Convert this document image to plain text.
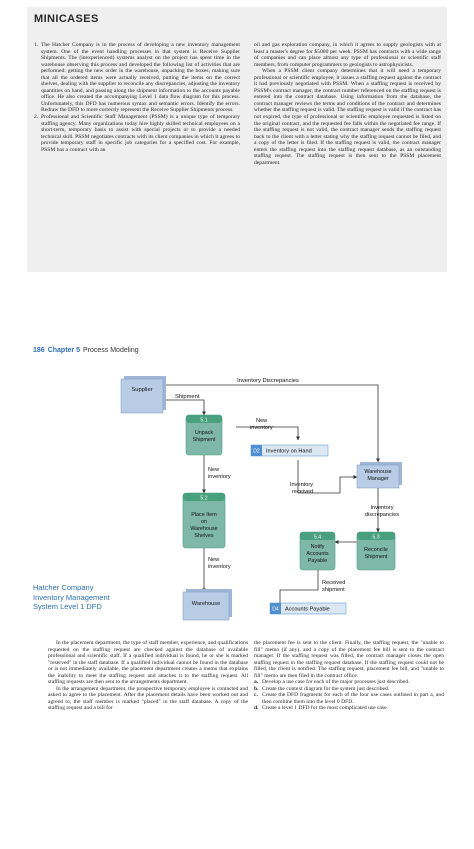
MINICASES

1. The Hatcher Company is in the process of developing a new inventory management system. One of the event handling processes in that system is Receive Supplier Shipments. The (inexperienced) systems analyst on the project has spent time in the warehouse observing this process and developed the following list of activities that are performed: getting the new order in the warehouse, unpacking the boxes, making sure that all the ordered items were actually received, putting the items on the correct shelves, dealing with the supplier to reconcile any discrepancies, adjusting the inventory quantities on hand, and passing along the shipment information to the accounts payable office. He also created the accompanying Level 1 data flow diagram for this process. Unfortunately, this DFD has numerous syntax and semantic errors. Identify the errors. Redraw the DFD to more correctly represent the Receive Supplier Shipments process.

2. Professional and Scientific Staff Management (PSSM) is a unique type of temporary staffing agency. Many organizations today hire highly skilled technical employees on a short-term, temporary basis to assist with special projects or to provide a needed technical skill. PSSM negotiates contracts with its client companies in which it agrees to provide temporary staff in specific job categories for a specified cost. For example, PSSM has a contract with an

oil and gas exploration company, in which it agrees to supply geologists with at least a master's degree for $5000 per week. PSSM has contracts with a wide range of companies and can place almost any type of professional or scientific staff members, from computer programmers to geologists to astrophysicists.

When a PSSM client company determines that it will need a temporary professional or scientific employee, it issues a staffing request against the contract it had previously negotiated with PSSM. When a staffing request is received by PSSM's contract manager, the contract number referenced on the staffing request is entered into the contract database. Using information from the database, the contract manager reviews the terms and conditions of the contract and determines whether the staffing request is valid. The staffing request is valid if the contract has not expired, the type of professional or scientific employee requested is listed on the original contract, and the requested fee falls within the negotiated fee range. If the staffing request is not valid, the contract manager sends the staffing request back to the client with a letter stating why the staffing request cannot be filed, and a copy of the letter is filed. If the staffing request is valid, the contract manager enters the staffing request into the staffing request database, as an outstanding staffing request. The staffing request is then sent to the PSSM placement department.

186 Chapter 5 Process Modeling
Hatcher Company Inventory Management System Level 1 DFD
Supplier
Inventory Discrepancies
Shipment
5.1
Unpack
Shipment
New
inventory
D2 Inventory on Hand
New
inventory
Inventory
received
Warehouse
Manager
5.2
Place Item
on
Warehouse
Shelves
Inventory
discrepancies
5.4
Notify
Accounts
Payable
5.3
Reconcile
Shipment
New
inventory
Received
shipment
Warehouse
D4 Accounts Payable

In the placement department, the type of staff member, experience, and qualifications requested on the staffing request are checked against the database of available professional and scientific staff. If a qualified individual is found, he or she is marked "reserved" in the staff database. If a qualified individual cannot be found in the database or is not immediately available, the placement department creates a memo that explains the inability to meet the staffing request and attaches it to the staffing request. All staffing requests are then sent to the arrangements department.

In the arrangement department, the prospective temporary employee is contacted and asked to agree to the placement. After the placement details have been worked out and agreed to, the staff member is marked "placed" in the staff database. A copy of the staffing request and a bill for

the placement fee is sent to the client. Finally, the staffing request, the "unable to fill" memo (if any), and a copy of the placement fee bill is sent to the contract manager. If the staffing request was filled, the contract manager closes the open staffing request in the staffing request database. If the staffing request could not be filled, the client is notified. The staffing request, placement fee bill, and "unable to fill" memo are then filed in the contract office.

a. Develop a use case for each of the major processes just described.

b. Create the context diagram for the system just described.

c. Create the DFD fragments for each of the four use cases outlined in part a, and then combine them into the level 0 DFD.

d. Create a level 1 DFD for the most complicated use case.
